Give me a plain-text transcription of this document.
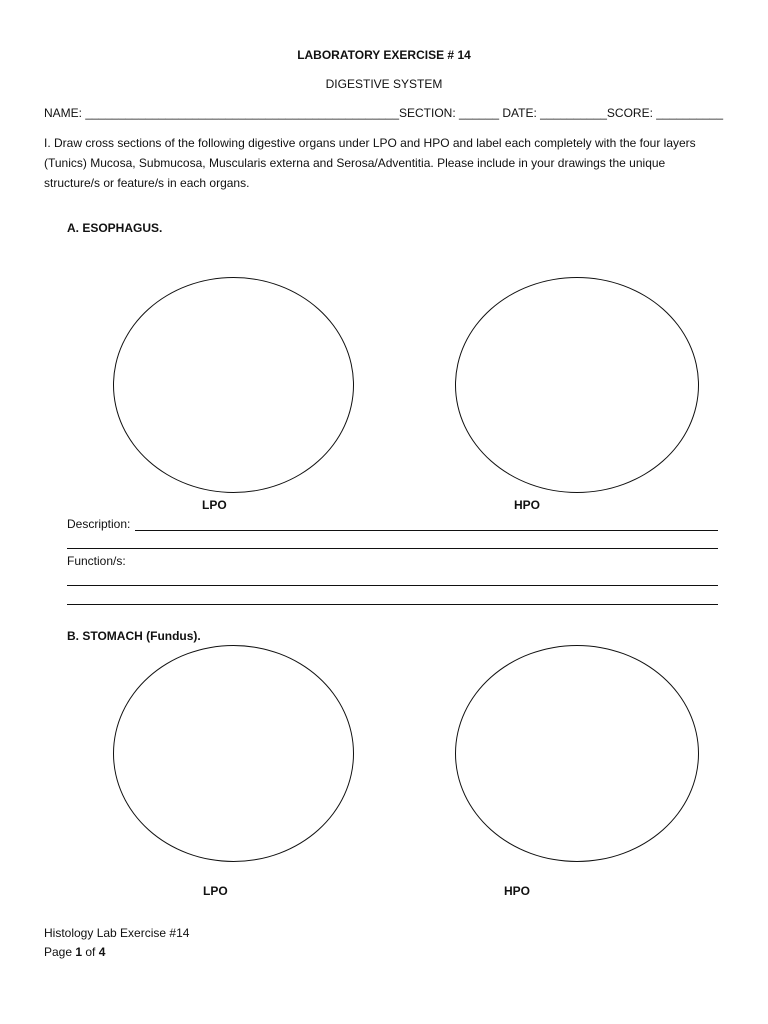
LABORATORY EXERCISE # 14
DIGESTIVE SYSTEM
NAME: _______________________________________________SECTION: ______ DATE: __________SCORE: __________
I. Draw cross sections of the following digestive organs under LPO and HPO and label each completely with the four layers (Tunics) Mucosa, Submucosa, Muscularis externa and Serosa/Adventitia. Please include in your drawings the unique structure/s or feature/s in each organs.
A. ESOPHAGUS.
LPO	HPO
Description:
Function/s:
B. STOMACH (Fundus).
LPO	HPO
Histology Lab Exercise #14
Page 1 of 4
